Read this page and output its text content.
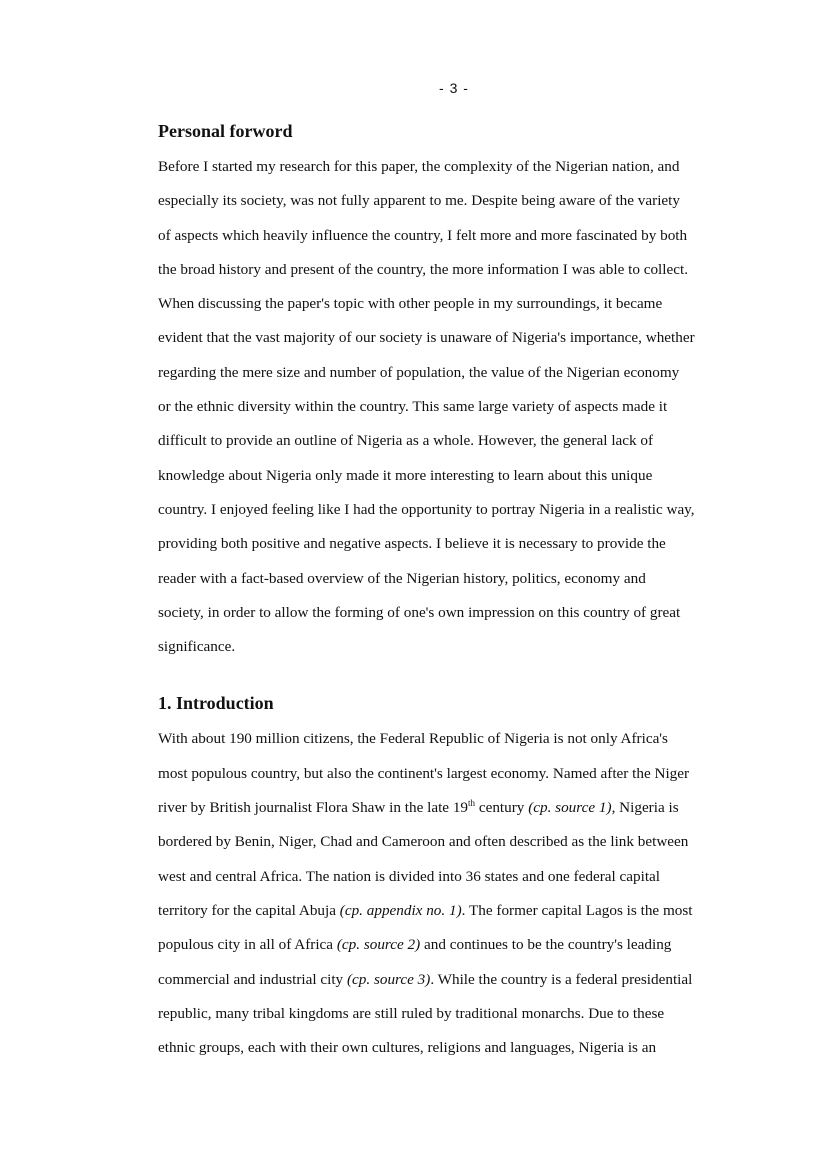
- 3 -
Personal forword

Before I started my research for this paper, the complexity of the Nigerian nation, and

especially its society, was not fully apparent to me. Despite being aware of the variety

of aspects which heavily influence the country, I felt more and more fascinated by both

the broad history and present of the country, the more information I was able to collect.

When discussing the paper's topic with other people in my surroundings, it became

evident that the vast majority of our society is unaware of Nigeria's importance, whether

regarding the mere size and number of population, the value of the Nigerian economy

or the ethnic diversity within the country. This same large variety of aspects made it

difficult to provide an outline of Nigeria as a whole. However, the general lack of

knowledge about Nigeria only made it more interesting to learn about this unique

country. I enjoyed feeling like I had the opportunity to portray Nigeria in a realistic way,

providing both positive and negative aspects. I believe it is necessary to provide the

reader with a fact-based overview of the Nigerian history, politics, economy and

society, in order to allow the forming of one's own impression on this country of great

significance.

1. Introduction

With about 190 million citizens, the Federal Republic of Nigeria is not only Africa's

most populous country, but also the continent's largest economy. Named after the Niger

river by British journalist Flora Shaw in the late 19th century (cp. source 1), Nigeria is

bordered by Benin, Niger, Chad and Cameroon and often described as the link between

west and central Africa. The nation is divided into 36 states and one federal capital

territory for the capital Abuja (cp. appendix no. 1). The former capital Lagos is the most

populous city in all of Africa (cp. source 2) and continues to be the country's leading

commercial and industrial city (cp. source 3). While the country is a federal presidential

republic, many tribal kingdoms are still ruled by traditional monarchs. Due to these

ethnic groups, each with their own cultures, religions and languages, Nigeria is an
